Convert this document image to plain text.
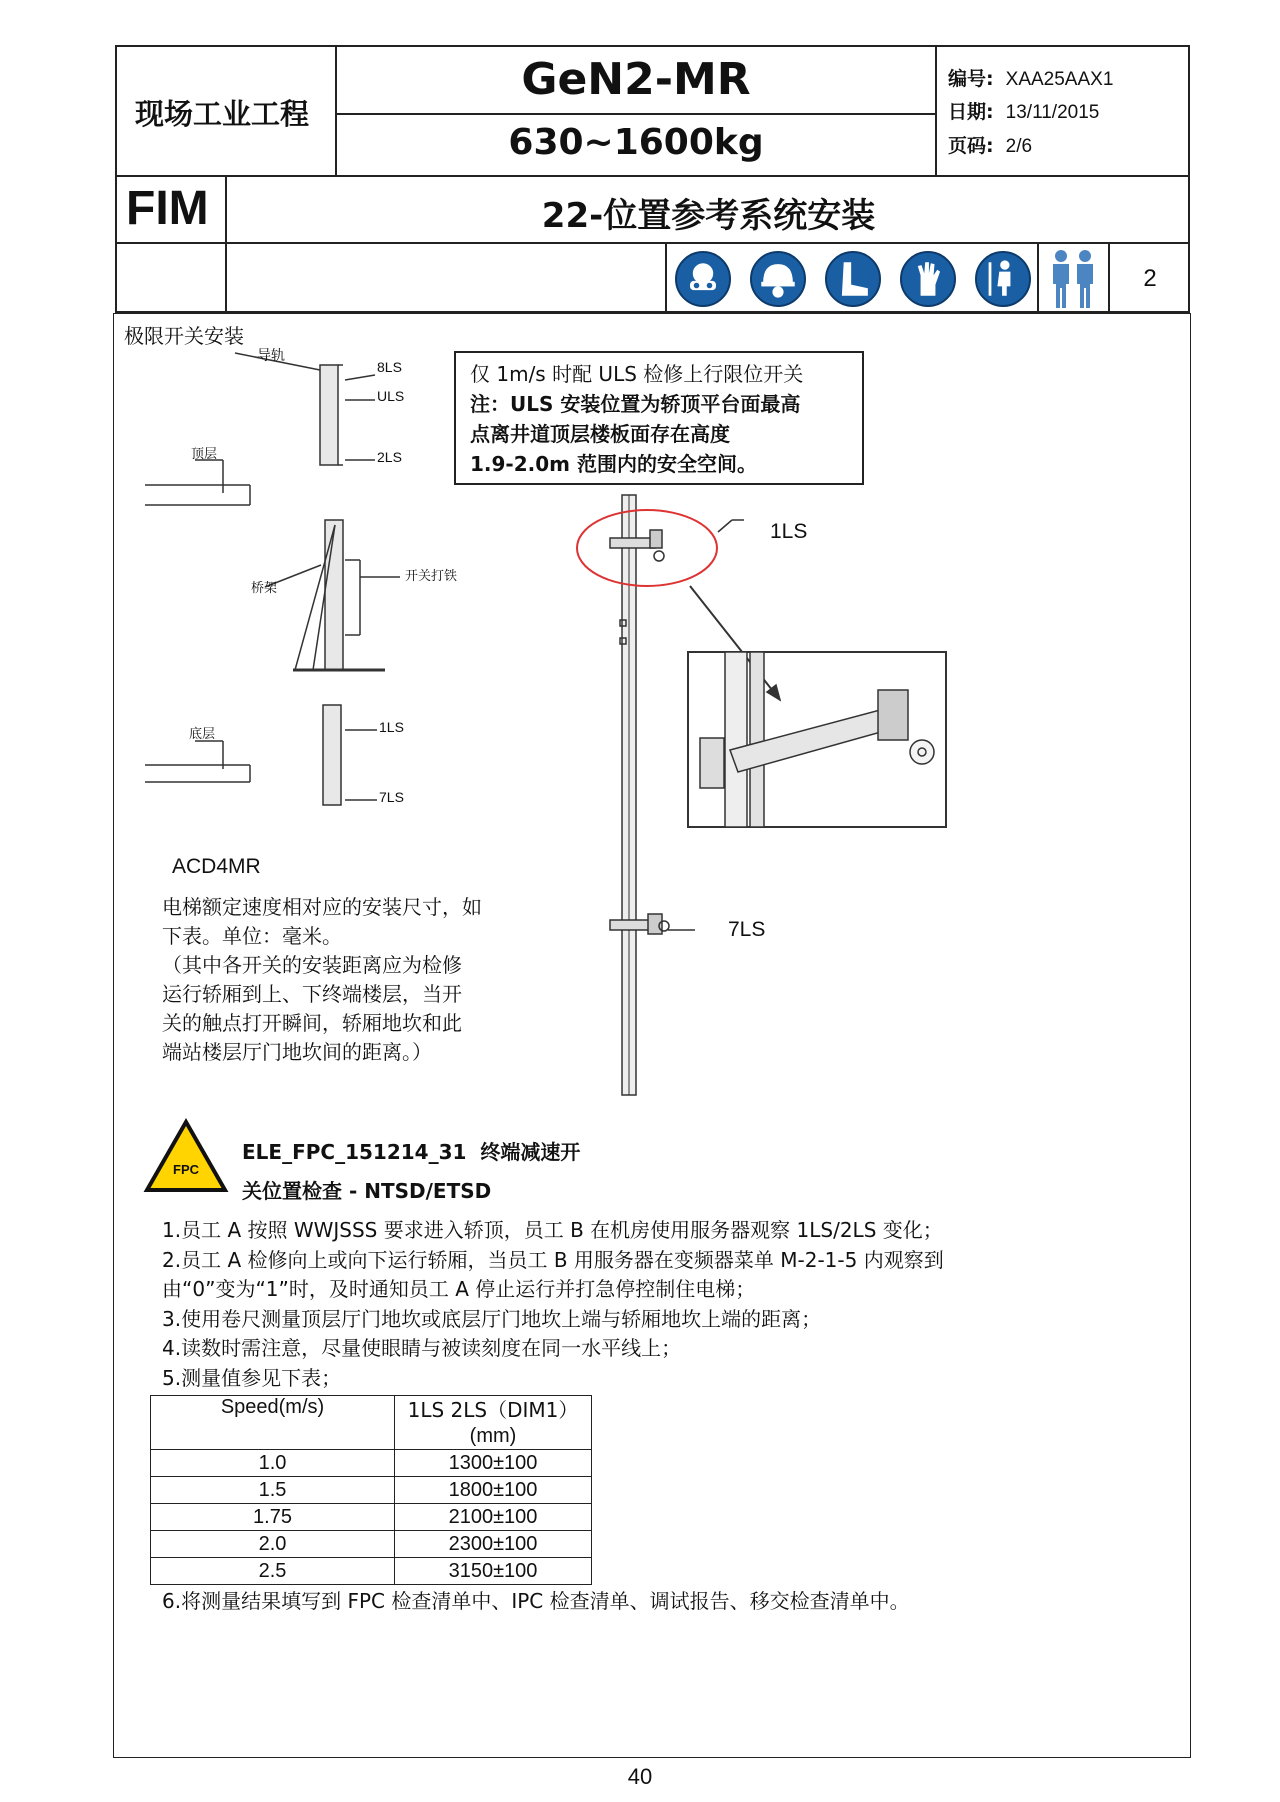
现场工业工程
GeN2-MR
630~1600kg
编号: XAA25AAX1
日期: 13/11/2015
页码: 2/6
FIM	22-位置参考系统安装
2
极限开关安装
导轨
8LS
ULS
2LS
顶层
桥架
开关打铁
底层	1LS
7LS
仅 1m/s 时配 ULS 检修上行限位开关
注：ULS 安装位置为轿顶平台面最高
点离井道顶层楼板面存在高度
1.9-2.0m 范围内的安全空间。
1LS
7LS
ACD4MR
电梯额定速度相对应的安装尺寸，如
下表。单位：毫米。
（其中各开关的安装距离应为检修
运行轿厢到上、下终端楼层，当开
关的触点打开瞬间，轿厢地坎和此
端站楼层厅门地坎间的距离。）
FPC
ELE_FPC_151214_31  终端减速开
关位置检查 - NTSD/ETSD
1.员工 A 按照 WWJSSS 要求进入轿顶，员工 B 在机房使用服务器观察 1LS/2LS 变化；
2.员工 A 检修向上或向下运行轿厢，当员工 B 用服务器在变频器菜单 M-2-1-5 内观察到
由“0”变为“1”时，及时通知员工 A 停止运行并打急停控制住电梯；
3.使用卷尺测量顶层厅门地坎或底层厅门地坎上端与轿厢地坎上端的距离；
4.读数时需注意，尽量使眼睛与被读刻度在同一水平线上；
5.测量值参见下表；
Speed(m/s)	1LS 2LS（DIM1）
(mm)

1.0	1300±100
1.5	1800±100
1.75	2100±100
2.0	2300±100
2.5	3150±100
6.将测量结果填写到 FPC 检查清单中、IPC 检查清单、调试报告、移交检查清单中。
40
